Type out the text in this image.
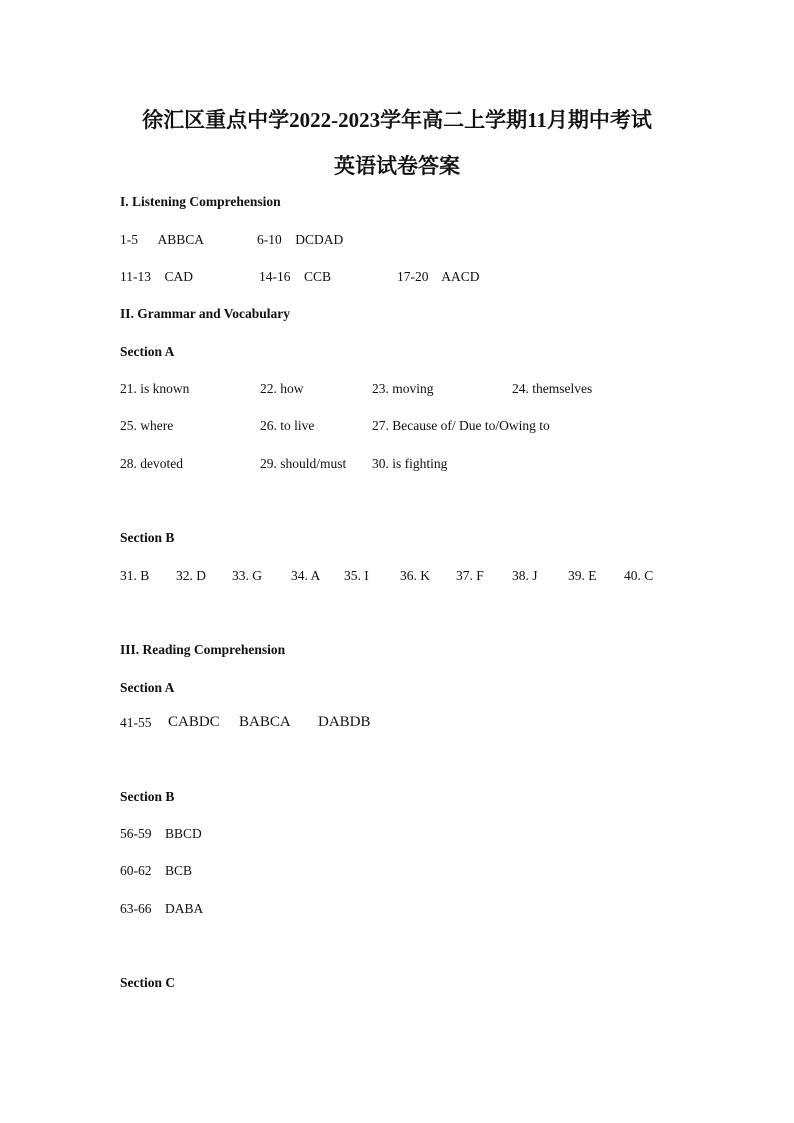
徐汇区重点中学2022-2023学年高二上学期11月期中考试
英语试卷答案
I. Listening Comprehension
1-5      ABBCA	6-10    DCDAD
11-13    CAD	14-16    CCB	17-20    AACD
II. Grammar and Vocabulary
Section A
21. is known	22. how	23. moving	24. themselves
25. where	26. to live	27. Because of/ Due to/Owing to
28. devoted	29. should/must 30. is fighting
Section B
31. B 32. D 33. G 34. A 35. I 36. K 37. F 38. J 39. E 40. C
III. Reading Comprehension
Section A
41-55 CABDC BABCA DABDB
Section B
56-59    BBCD
60-62    BCB
63-66    DABA
Section C
